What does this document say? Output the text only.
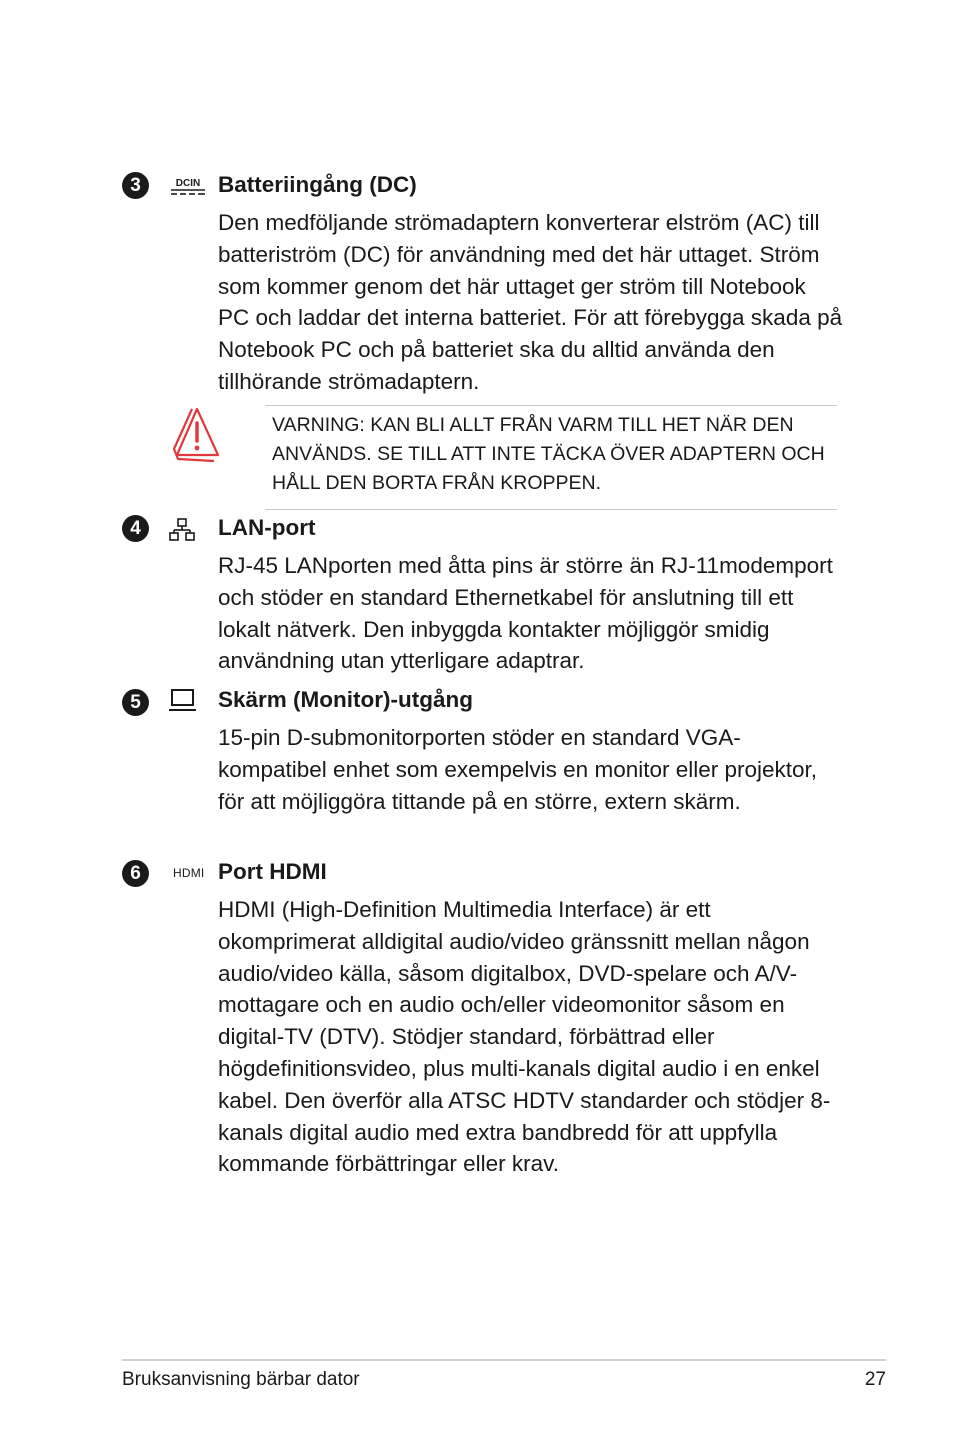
3	DCIN Batteriingång (DC)

Den medföljande strömadaptern konverterar elström (AC) till batteriström (DC) för användning med det här uttaget. Ström som kommer genom det här uttaget ger ström till Notebook PC och laddar det interna batteriet. För att förebygga skada på Notebook PC och på batteriet ska du alltid använda den tillhörande strömadaptern.

VARNING: KAN BLI ALLT FRÅN VARM TILL HET NÄR DEN ANVÄNDS. SE TILL ATT INTE TÄCKA ÖVER ADAPTERN OCH HÅLL DEN BORTA FRÅN KROPPEN.

4	LAN-port

RJ-45 LANporten med åtta pins är större än RJ-11modemport och stöder en standard Ethernetkabel för anslutning till ett lokalt nätverk. Den inbyggda kontakter möjliggör smidig användning utan ytterligare adaptrar.

5	Skärm (Monitor)-utgång

15-pin D-submonitorporten stöder en standard VGA-kompatibel enhet som exempelvis en monitor eller projektor, för att möjliggöra tittande på en större, extern skärm.

6	HDMI Port HDMI

HDMI (High-Definition Multimedia Interface) är ett okomprimerat alldigital audio/video gränssnitt mellan någon audio/video källa, såsom digitalbox, DVD-spelare och A/V-mottagare och en audio och/eller videomonitor såsom en digital-TV (DTV). Stödjer standard, förbättrad eller högdefinitionsvideo, plus multi-kanals digital audio i en enkel kabel. Den överför alla ATSC HDTV standarder och stödjer 8-kanals digital audio med extra bandbredd för att uppfylla kommande förbättringar eller krav.

Bruksanvisning bärbar dator	27
